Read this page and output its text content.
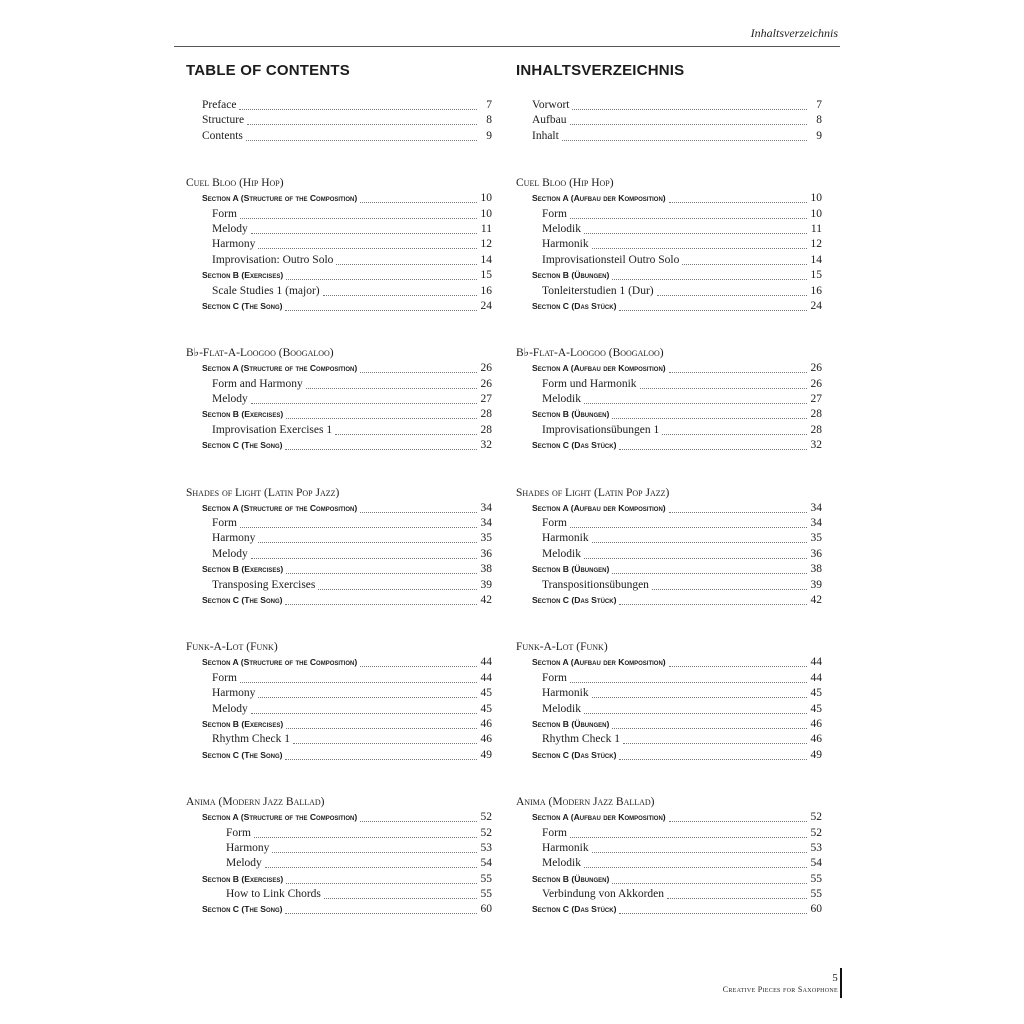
Inhaltsverzeichnis
TABLE OF CONTENTS
Preface	7
Structure	8
Contents	9
Cuel Bloo (Hip Hop)
Section A (Structure of the Composition)	10
Form	10
Melody	11
Harmony	12
Improvisation: Outro Solo	14
Section B (Exercises)	15
Scale Studies 1 (major)	16
Section C (The Song)	24
B♭-Flat-A-Loogoo (Boogaloo)
Section A (Structure of the Composition)	26
Form and Harmony	26
Melody	27
Section B (Exercises)	28
Improvisation Exercises 1	28
Section C (The Song)	32
Shades of Light (Latin Pop Jazz)
Section A (Structure of the Composition)	34
Form	34
Harmony	35
Melody	36
Section B (Exercises)	38
Transposing Exercises	39
Section C (The Song)	42
Funk-A-Lot (Funk)
Section A (Structure of the Composition)	44
Form	44
Harmony	45
Melody	45
Section B (Exercises)	46
Rhythm Check 1	46
Section C (The Song)	49
Anima (Modern Jazz Ballad)
Section A (Structure of the Composition)	52
Form	52
Harmony	53
Melody	54
Section B (Exercises)	55
How to Link Chords	55
Section C (The Song)	60
INHALTSVERZEICHNIS
Vorwort	7
Aufbau	8
Inhalt	9
Cuel Bloo (Hip Hop)
Section A (Aufbau der Komposition)	10
Form	10
Melodik	11
Harmonik	12
Improvisationsteil Outro Solo	14
Section B (Übungen)	15
Tonleiterstudien 1 (Dur)	16
Section C (Das Stück)	24
B♭-Flat-A-Loogoo (Boogaloo)
Section A (Aufbau der Komposition)	26
Form und Harmonik	26
Melodik	27
Section B (Übungen)	28
Improvisationsübungen 1	28
Section C (Das Stück)	32
Shades of Light (Latin Pop Jazz)
Section A (Aufbau der Komposition)	34
Form	34
Harmonik	35
Melodik	36
Section B (Übungen)	38
Transpositionsübungen	39
Section C (Das Stück)	42
Funk-A-Lot (Funk)
Section A (Aufbau der Komposition)	44
Form	44
Harmonik	45
Melodik	45
Section B (Übungen)	46
Rhythm Check 1	46
Section C (Das Stück)	49
Anima (Modern Jazz Ballad)
Section A (Aufbau der Komposition)	52
Form	52
Harmonik	53
Melodik	54
Section B (Übungen)	55
Verbindung von Akkorden	55
Section C (Das Stück)	60
5
Creative Pieces for Saxophone
